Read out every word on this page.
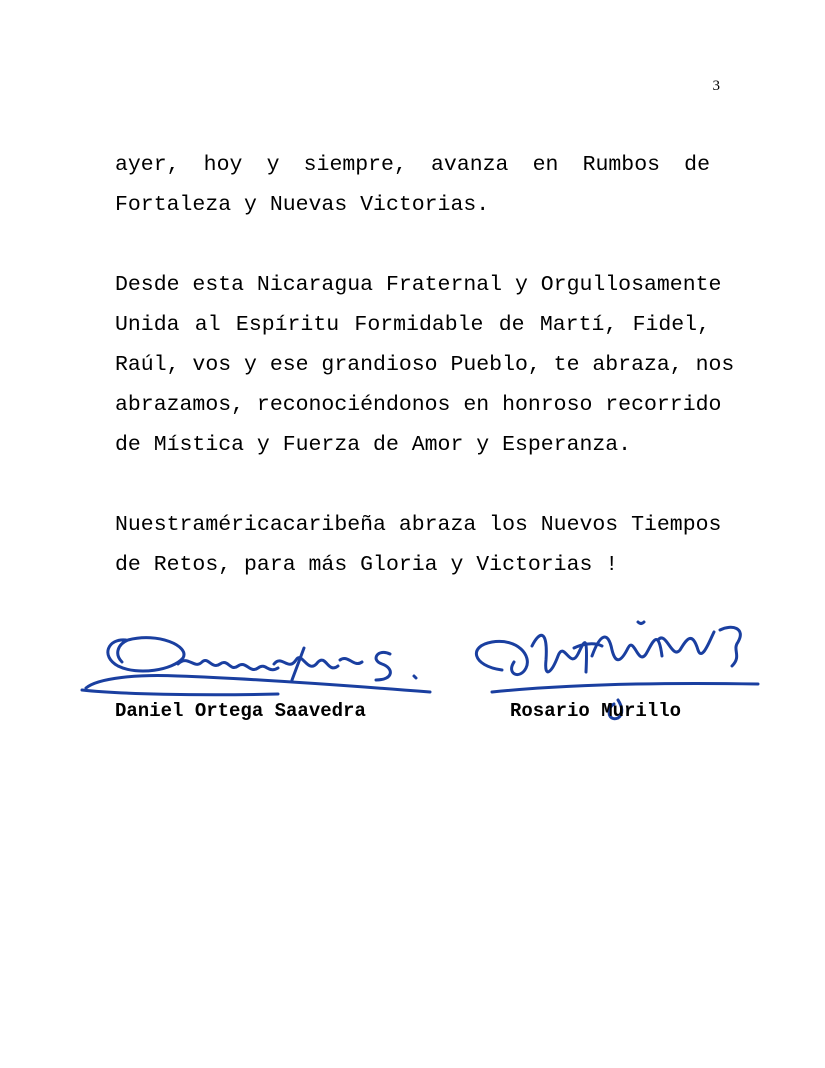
3
ayer, hoy y siempre, avanza en Rumbos de
Fortaleza y Nuevas Victorias.
Desde esta Nicaragua Fraternal y Orgullosamente
Unida al Espíritu Formidable de Martí, Fidel,
Raúl, vos y ese grandioso Pueblo, te abraza, nos
abrazamos, reconociéndonos en honroso recorrido
de Mística y Fuerza de Amor y Esperanza.
Nuestraméricacaribeña abraza los Nuevos Tiempos
de Retos, para más Gloria y Victorias !
Daniel Ortega Saavedra	Rosario Murillo
